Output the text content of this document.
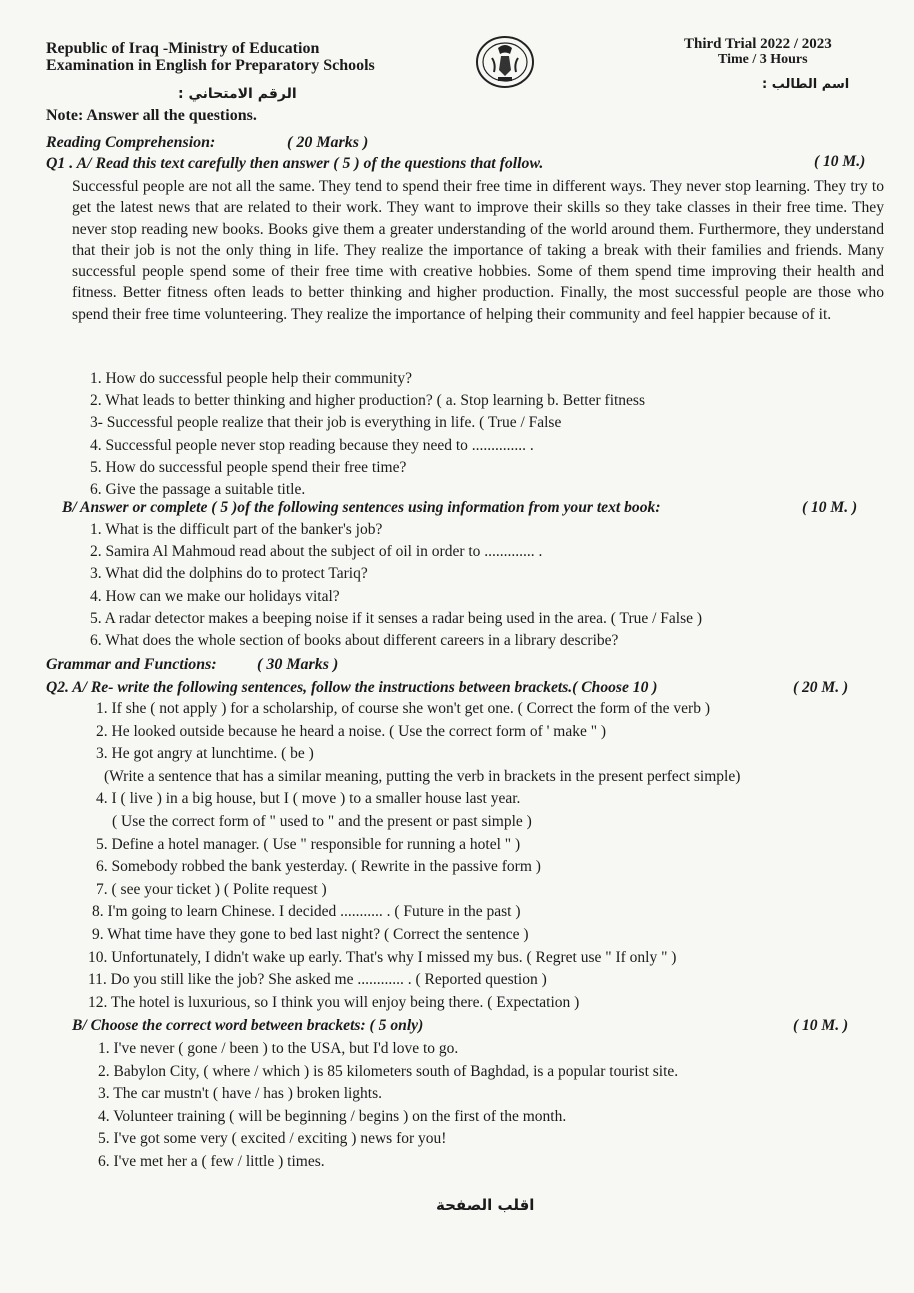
Republic of Iraq -Ministry of Education
Examination in English for Preparatory Schools
Third Trial 2022 / 2023
Time / 3 Hours
الرقم الامتحاني :
اسم الطالب :
Note: Answer all the questions.
Reading Comprehension:	( 20 Marks )
Q1 . A/ Read this text carefully then answer ( 5 ) of the questions that follow.	( 10 M.)

Successful people are not all the same. They tend to spend their free time in different ways. They never stop learning. They try to get the latest news that are related to their work. They want to improve their skills so they take classes in their free time. They never stop reading new books. Books give them a greater understanding of the world around them. Furthermore, they understand that their job is not the only thing in life. They realize the importance of taking a break with their families and friends. Many successful people spend some of their free time with creative hobbies. Some of them spend time improving their health and fitness. Better fitness often leads to better thinking and higher production. Finally, the most successful people are those who spend their free time volunteering. They realize the importance of helping their community and feel happier because of it.

1. How do successful people help their community?
2. What leads to better thinking and higher production? ( a. Stop learning b. Better fitness
3- Successful people realize that their job is everything in life. ( True / False
4. Successful people never stop reading because they need to .............. .
5. How do successful people spend their free time?
6. Give the passage a suitable title.
B/ Answer or complete ( 5 )of the following sentences using information from your text book:	( 10 M. )
1. What is the difficult part of the banker's job?
2. Samira Al Mahmoud read about the subject of oil in order to ............. .
3. What did the dolphins do to protect Tariq?
4. How can we make our holidays vital?
5. A radar detector makes a beeping noise if it senses a radar being used in the area. ( True / False )
6. What does the whole section of books about different careers in a library describe?
Grammar and Functions:	( 30 Marks )
Q2. A/ Re- write the following sentences, follow the instructions between brackets.( Choose 10 )	( 20 M. )
1. If she ( not apply ) for a scholarship, of course she won't get one. ( Correct the form of the verb )
2. He looked outside because he heard a noise. ( Use the correct form of ' make " )
3. He got angry at lunchtime. ( be )
(Write a sentence that has a similar meaning, putting the verb in brackets in the present perfect simple)
4. I ( live ) in a big house, but I ( move ) to a smaller house last year.
( Use the correct form of " used to " and the present or past simple )
5. Define a hotel manager. ( Use " responsible for running a hotel " )
6. Somebody robbed the bank yesterday. ( Rewrite in the passive form )
7. ( see your ticket ) ( Polite request )
8. I'm going to learn Chinese. I decided ........... . ( Future in the past )
9. What time have they gone to bed last night? ( Correct the sentence )
10. Unfortunately, I didn't wake up early. That's why I missed my bus. ( Regret use " If only " )
11. Do you still like the job? She asked me ............ . ( Reported question )
12. The hotel is luxurious, so I think you will enjoy being there. ( Expectation )
B/ Choose the correct word between brackets: ( 5 only)	( 10 M. )
1. I've never ( gone / been ) to the USA, but I'd love to go.
2. Babylon City, ( where / which ) is 85 kilometers south of Baghdad, is a popular tourist site.
3. The car mustn't ( have / has ) broken lights.
4. Volunteer training ( will be beginning / begins ) on the first of the month.
5. I've got some very ( excited / exciting ) news for you!
6. I've met her a ( few / little ) times.
اقلب الصفحة
